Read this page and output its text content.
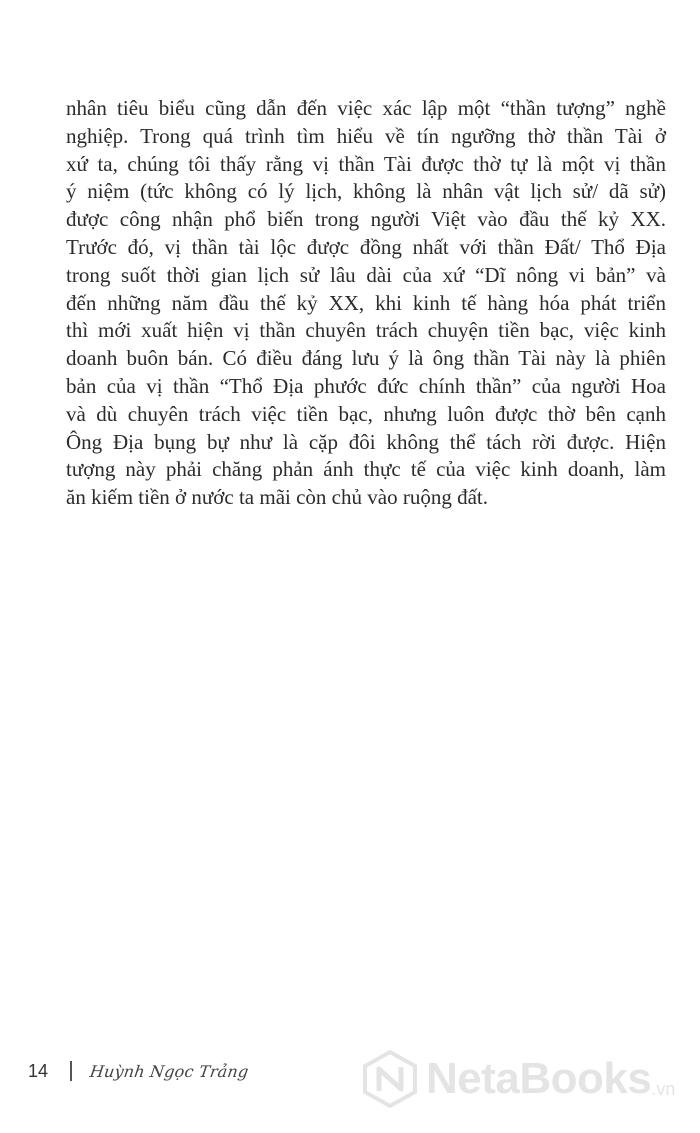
nhân tiêu biểu cũng dẫn đến việc xác lập một “thần tượng” nghề
nghiệp. Trong quá trình tìm hiểu về tín ngưỡng thờ thần Tài ở
xứ ta, chúng tôi thấy rằng vị thần Tài được thờ tự là một vị thần
ý niệm (tức không có lý lịch, không là nhân vật lịch sử/ dã sử)
được công nhận phổ biến trong người Việt vào đầu thế kỷ XX.
Trước đó, vị thần tài lộc được đồng nhất với thần Đất/ Thổ Địa
trong suốt thời gian lịch sử lâu dài của xứ “Dĩ nông vi bản” và
đến những năm đầu thế kỷ XX, khi kinh tế hàng hóa phát triển
thì mới xuất hiện vị thần chuyên trách chuyện tiền bạc, việc kinh
doanh buôn bán. Có điều đáng lưu ý là ông thần Tài này là phiên
bản của vị thần “Thổ Địa phước đức chính thần” của người Hoa
và dù chuyên trách việc tiền bạc, nhưng luôn được thờ bên cạnh
Ông Địa bụng bự như là cặp đôi không thể tách rời được. Hiện
tượng này phải chăng phản ánh thực tế của việc kinh doanh, làm
ăn kiếm tiền ở nước ta mãi còn chủ vào ruộng đất.
14	Huỳnh Ngọc Trảng	NetaBooks .vn
